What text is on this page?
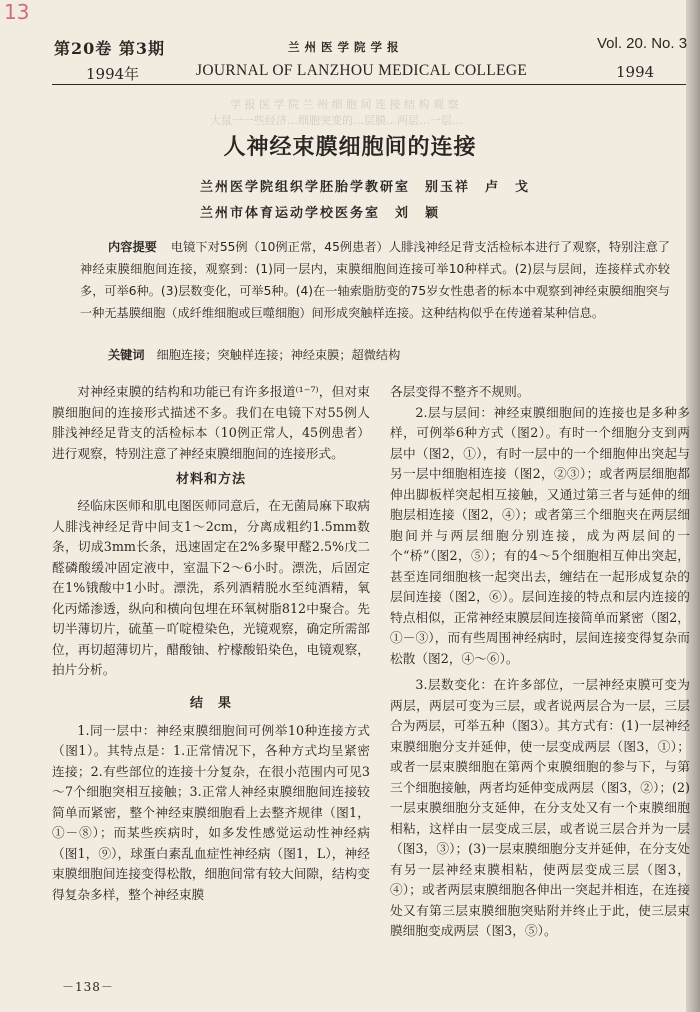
学 报 医 学 院 兰 州 细 胞 间 连 接 结 构 观 察
大鼠一一些经济…细胞突变的…层膜…两层…一层…
13
第20卷 第3期	兰州医学院学报	Vol. 20. No. 3
1994年	JOURNAL OF LANZHOU MEDICAL COLLEGE	1994
人神经束膜细胞间的连接
兰州医学院组织学胚胎学教研室　别玉祥　卢　戈
兰州市体育运动学校医务室　刘　颖
内容提要 电镜下对55例（10例正常，45例患者）人腓浅神经足背支活检标本进行了观察，特别注意了神经束膜细胞间连接，观察到：(1)同一层内，束膜细胞间连接可举10种样式。(2)层与层间，连接样式亦较多，可举6种。(3)层数变化，可举5种。(4)在一轴索脂肪变的75岁女性患者的标本中观察到神经束膜细胞突与一种无基膜细胞（成纤维细胞或巨噬细胞）间形成突触样连接。这种结构似乎在传递着某种信息。
关键词 细胞连接；突触样连接；神经束膜；超微结构

对神经束膜的结构和功能已有许多报道⁽¹⁻⁷⁾，但对束膜细胞间的连接形式描述不多。我们在电镜下对55例人腓浅神经足背支的活检标本（10例正常人，45例患者）进行观察，特别注意了神经束膜细胞间的连接形式。

材料和方法

经临床医师和肌电图医师同意后，在无菌局麻下取病人腓浅神经足背中间支1～2cm，分离成粗约1.5mm数条，切成3mm长条，迅速固定在2%多聚甲醛2.5%戊二醛磷酸缓冲固定液中，室温下2～6小时。漂洗，后固定在1%锇酸中1小时。漂洗，系列酒精脱水至纯酒精，氧化丙烯渗透，纵向和横向包埋在环氧树脂812中聚合。先切半薄切片，硫堇－吖啶橙染色，光镜观察，确定所需部位，再切超薄切片，醋酸铀、柠檬酸铅染色，电镜观察，拍片分析。

结　果

1.同一层中：神经束膜细胞间可例举10种连接方式（图1）。其特点是：1.正常情况下，各种方式均呈紧密连接；2.有些部位的连接十分复杂，在很小范围内可见3～7个细胞突相互接触；3.正常人神经束膜细胞间连接较简单而紧密，整个神经束膜细胞看上去整齐规律（图1，①－⑧）；而某些疾病时，如多发性感觉运动性神经病（图1，⑨），球蛋白素乱血症性神经病（图1，L），神经束膜细胞间连接变得松散，细胞间常有较大间隙，结构变得复杂多样，整个神经束膜

各层变得不整齐不规则。

2.层与层间：神经束膜细胞间的连接也是多种多样，可例举6种方式（图2）。有时一个细胞分支到两层中（图2，①），有时一层中的一个细胞伸出突起与另一层中细胞相连接（图2，②③）；或者两层细胞都伸出脚板样突起相互接触，又通过第三者与延伸的细胞层相连接（图2，④）；或者第三个细胞夹在两层细胞间并与两层细胞分别连接，成为两层间的一个“桥”（图2，⑤）；有的4～5个细胞相互伸出突起，甚至连同细胞核一起突出去，缠结在一起形成复杂的层间连接（图2，⑥）。层间连接的特点和层内连接的特点相似，正常神经束膜层间连接简单而紧密（图2，①－③），而有些周围神经病时，层间连接变得复杂而松散（图2，④～⑥）。

3.层数变化：在许多部位，一层神经束膜可变为两层，两层可变为三层，或者说两层合为一层，三层合为两层，可举五种（图3）。其方式有：(1)一层神经束膜细胞分支并延伸，使一层变成两层（图3，①）；或者一层束膜细胞在第两个束膜细胞的参与下，与第三个细胞接触，两者均延伸变成两层（图3，②）；(2)一层束膜细胞分支延伸，在分支处又有一个束膜细胞相粘，这样由一层变成三层，或者说三层合并为一层（图3，③）；(3)一层束膜细胞分支并延伸，在分支处有另一层神经束膜相粘，使两层变成三层（图3，④）；或者两层束膜细胞各伸出一突起并相连，在连接处又有第三层束膜细胞突贴附并终止于此，使三层束膜细胞变成两层（图3，⑤）。

－138－
